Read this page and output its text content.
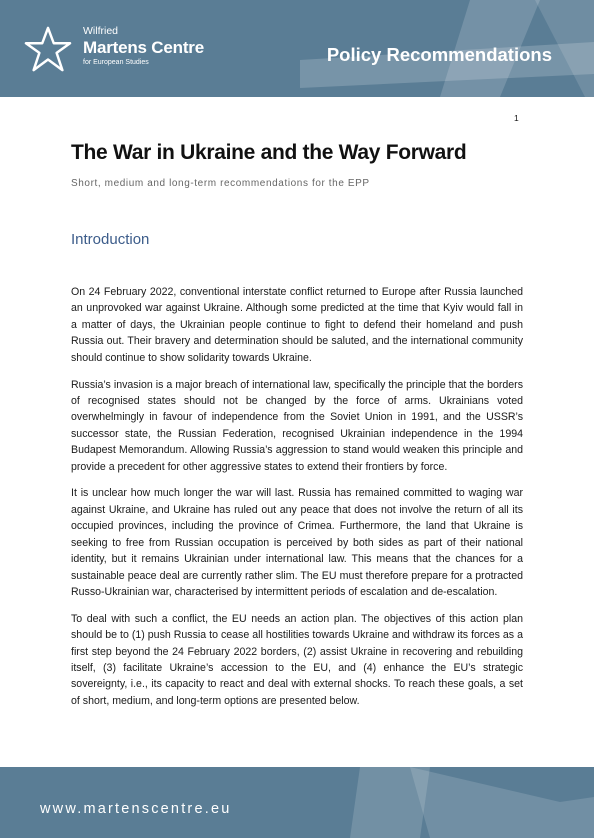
Wilfried
Martens Centre
for European Studies	Policy Recommendations
1
The War in Ukraine and the Way Forward
Short, medium and long-term recommendations for the EPP
Introduction

On 24 February 2022, conventional interstate conflict returned to Europe after Russia launched an unprovoked war against Ukraine. Although some predicted at the time that Kyiv would fall in a matter of days, the Ukrainian people continue to fight to defend their homeland and push Russia out. Their bravery and determination should be saluted, and the international community should continue to show solidarity towards Ukraine.

Russia’s invasion is a major breach of international law, specifically the principle that the borders of recognised states should not be changed by the force of arms. Ukrainians voted overwhelmingly in favour of independence from the Soviet Union in 1991, and the USSR’s successor state, the Russian Federation, recognised Ukrainian independence in the 1994 Budapest Memorandum. Allowing Russia’s aggression to stand would weaken this principle and provide a precedent for other aggressive states to extend their frontiers by force.

It is unclear how much longer the war will last. Russia has remained committed to waging war against Ukraine, and Ukraine has ruled out any peace that does not involve the return of all its occupied provinces, including the province of Crimea. Furthermore, the land that Ukraine is seeking to free from Russian occupation is perceived by both sides as part of their national identity, but it remains Ukrainian under international law. This means that the chances for a sustainable peace deal are currently rather slim. The EU must therefore prepare for a protracted Russo-Ukrainian war, characterised by intermittent periods of escalation and de-escalation.

To deal with such a conflict, the EU needs an action plan. The objectives of this action plan should be to (1) push Russia to cease all hostilities towards Ukraine and withdraw its forces as a first step beyond the 24 February 2022 borders, (2) assist Ukraine in recovering and rebuilding itself, (3) facilitate Ukraine’s accession to the EU, and (4) enhance the EU’s strategic sovereignty, i.e., its capacity to react and deal with external shocks. To reach these goals, a set of short, medium, and long-term options are presented below.

www.martenscentre.eu
